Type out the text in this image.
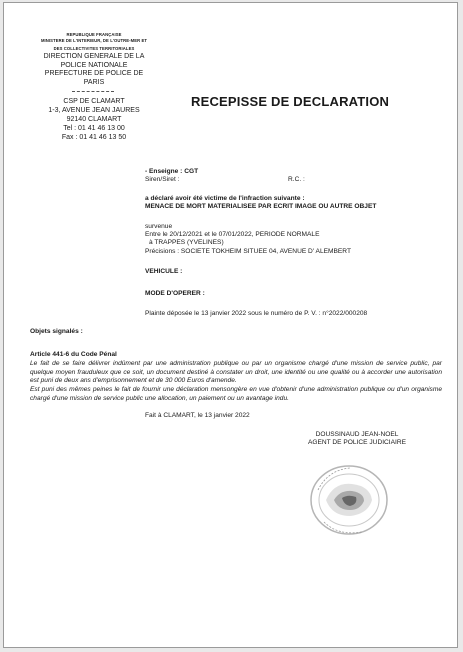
REPUBLIQUE FRANÇAISE
MINISTERE DE L'INTERIEUR, DE L'OUTRE-MER ET
DES COLLECTIVITES TERRITORIALES
DIRECTION GENERALE DE LA
POLICE NATIONALE
PREFECTURE DE POLICE DE
PARIS
CSP DE CLAMART
1-3, AVENUE JEAN JAURES
92140 CLAMART
Tel : 01 41 46 13 00
Fax : 01 41 46 13 50
RECEPISSE DE DECLARATION
- Enseigne : CGT
Siren/Siret :	R.C. :
a déclaré avoir été victime de l'infraction suivante :
MENACE DE MORT MATERIALISEE PAR ECRIT IMAGE OU AUTRE OBJET
survenue
Entre le 20/12/2021 et le 07/01/2022, PERIODE NORMALE
à TRAPPES (YVELINES)
Précisions : SOCIETE TOKHEIM SITUEE 04, AVENUE D' ALEMBERT
VEHICULE :
MODE D'OPERER :
Plainte déposée le 13 janvier 2022 sous le numéro de P. V. : n°2022/000208
Objets signalés :
Article 441-6 du Code Pénal
Le fait de se faire délivrer indûment par une administration publique ou par un organisme chargé d'une mission de service public, par quelque moyen frauduleux que ce soit, un document destiné à constater un droit, une identité ou une qualité ou à accorder une autorisation est puni de deux ans d'emprisonnement et de 30 000 Euros d'amende.
Est puni des mêmes peines le fait de fournir une déclaration mensongère en vue d'obtenir d'une administration publique ou d'un organisme chargé d'une mission de service public une allocation, un paiement ou un avantage indu.
Fait à CLAMART, le 13 janvier 2022
DOUSSINAUD JEAN-NOEL
AGENT DE POLICE JUDICIAIRE
